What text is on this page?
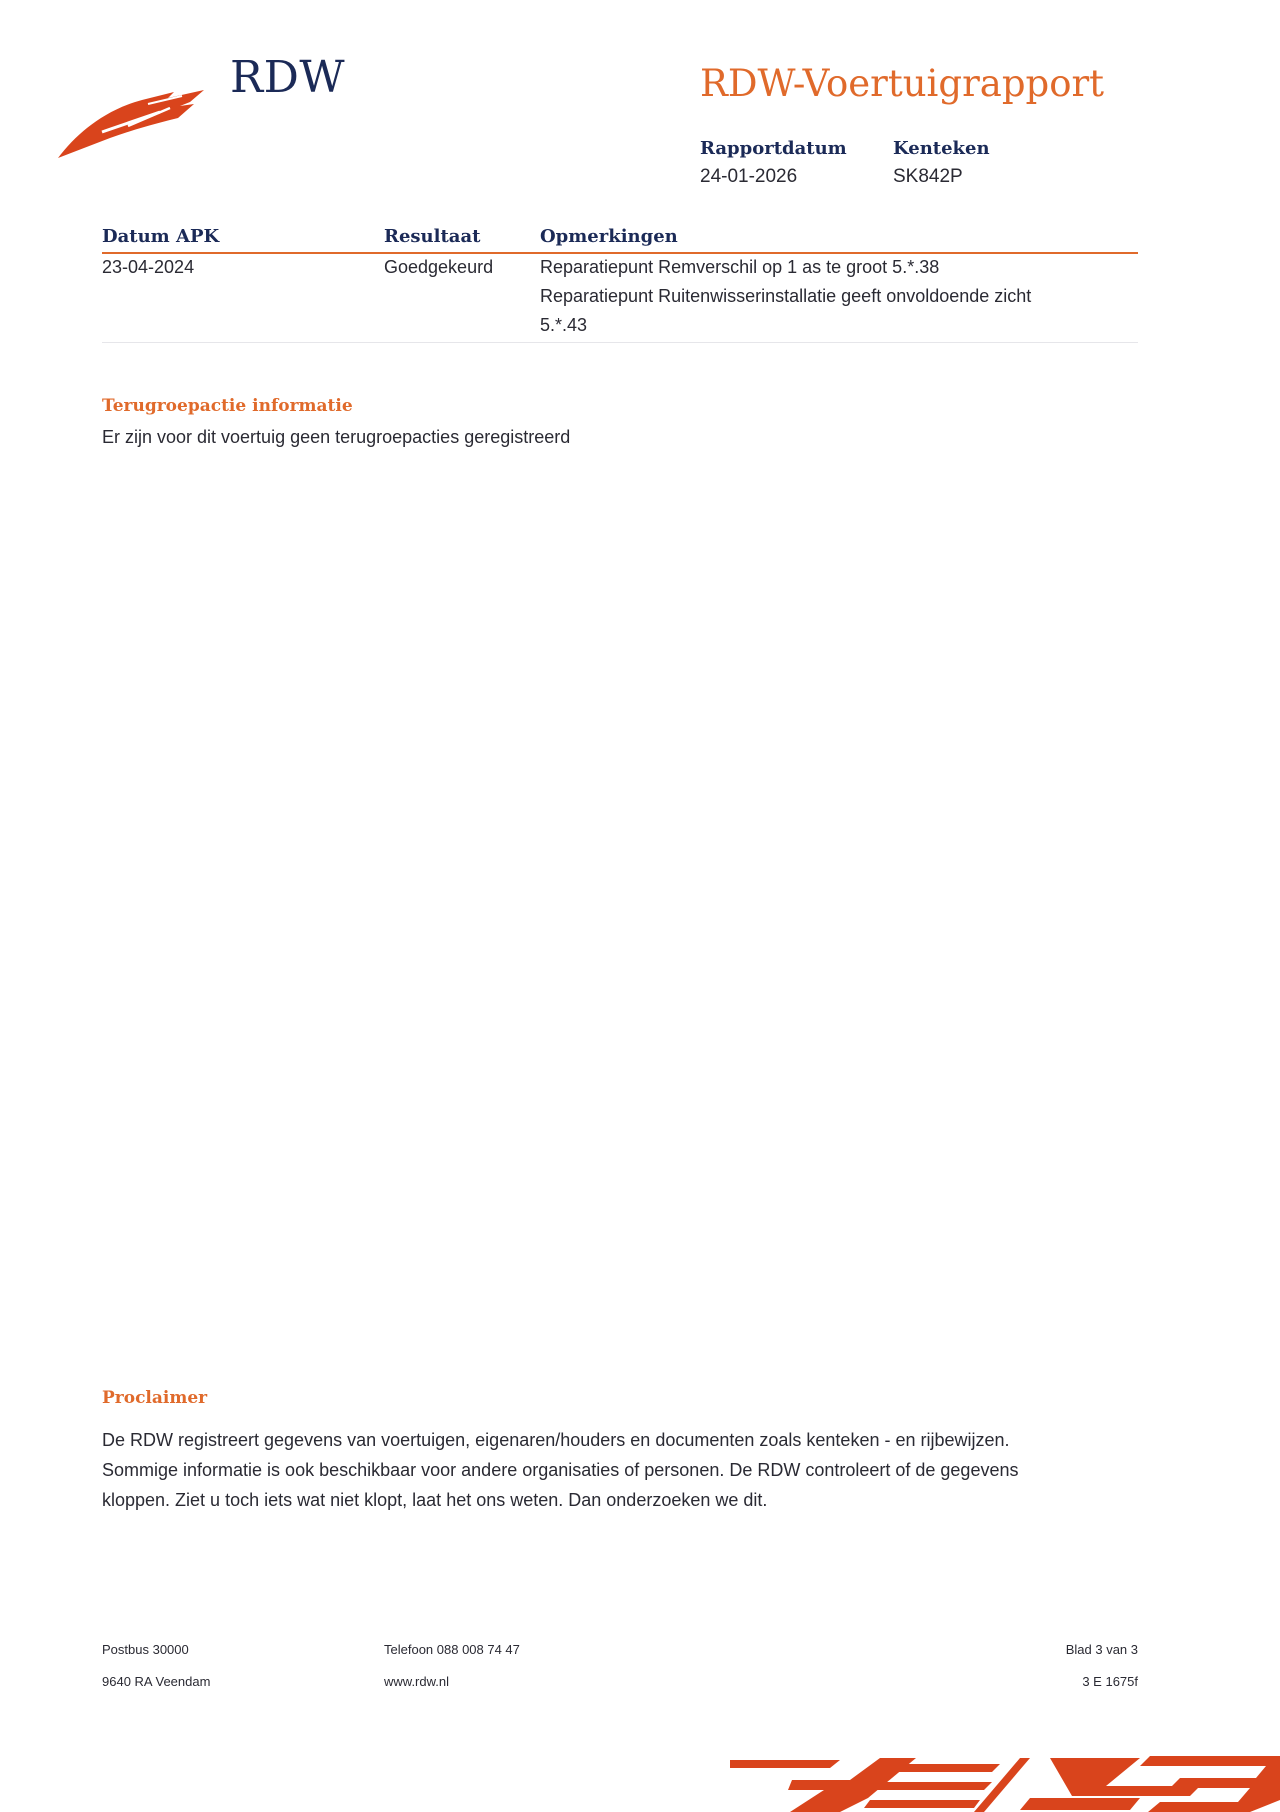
RDW	RDW-Voertuigrapport
Rapportdatum
24-01-2026
Kenteken
SK842P
Datum APK	Resultaat	Opmerkingen
23-04-2024	Goedgekeurd	Reparatiepunt Remverschil op 1 as te groot 5.*.38
Reparatiepunt Ruitenwisserinstallatie geeft onvoldoende zicht
5.*.43
Terugroepactie informatie
Er zijn voor dit voertuig geen terugroepacties geregistreerd
Proclaimer
De RDW registreert gegevens van voertuigen, eigenaren/houders en documenten zoals kenteken - en rijbewijzen.
Sommige informatie is ook beschikbaar voor andere organisaties of personen. De RDW controleert of de gegevens
kloppen. Ziet u toch iets wat niet klopt, laat het ons weten. Dan onderzoeken we dit.
Postbus 30000
9640 RA Veendam
Telefoon 088 008 74 47
www.rdw.nl
Blad 3 van 3
3 E 1675f
